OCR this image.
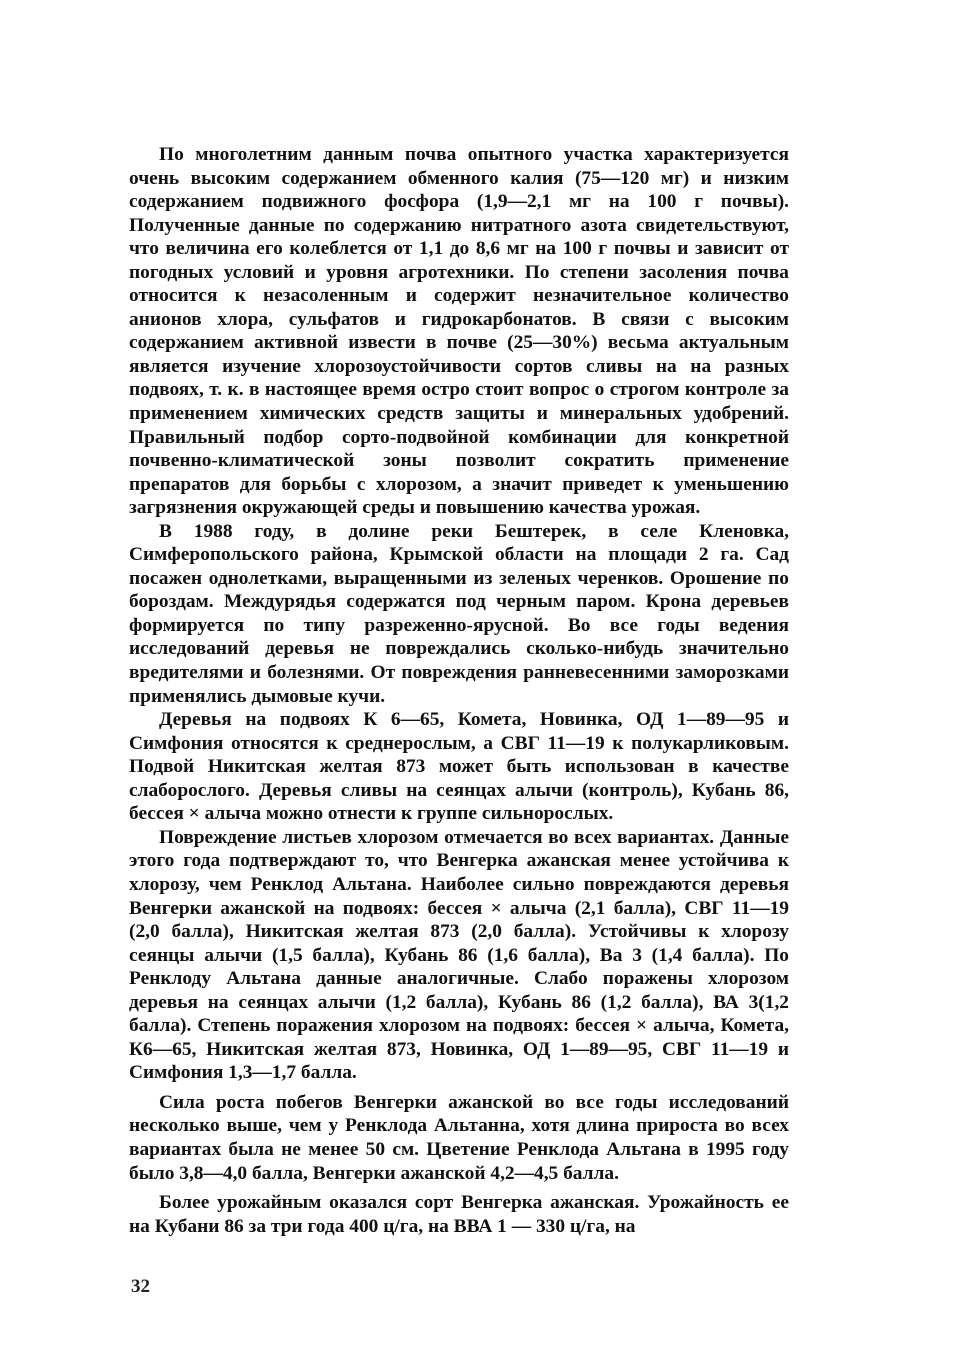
По многолетним данным почва опытного участка характеризуется очень высоким содержанием обменного калия (75—120 мг) и низким содержанием подвижного фосфора (1,9—2,1 мг на 100 г почвы). Полученные данные по содержанию нитратного азота свидетельствуют, что величина его колеблется от 1,1 до 8,6 мг на 100 г почвы и зависит от погодных условий и уровня агротехники. По степени засоления почва относится к незасоленным и содержит незначительное количество анионов хлора, сульфатов и гидрокарбонатов. В связи с высоким содержанием активной извести в почве (25—30%) весьма актуальным является изучение хлорозоустойчивости сортов сливы на на разных подвоях, т. к. в настоящее время остро стоит вопрос о строгом контроле за применением химических средств защиты и минеральных удобрений. Правильный подбор сорто-подвойной комбинации для конкретной почвенно-климатической зоны позволит сократить применение препаратов для борьбы с хлорозом, а значит приведет к уменьшению загрязнения окружающей среды и повышению качества урожая.

В 1988 году, в долине реки Бештерек, в селе Кленовка, Симферопольского района, Крымской области на площади 2 га. Сад посажен однолетками, выращенными из зеленых черенков. Орошение по бороздам. Междурядья содержатся под черным паром. Крона деревьев формируется по типу разреженно-ярусной. Во все годы ведения исследований деревья не повреждались сколько-нибудь значительно вредителями и болезнями. От повреждения ранневесенними заморозками применялись дымовые кучи.

Деревья на подвоях К 6—65, Комета, Новинка, ОД 1—89—95 и Симфония относятся к среднерослым, а СВГ 11—19 к полукарликовым. Подвой Никитская желтая 873 может быть использован в качестве слаборослого. Деревья сливы на сеянцах алычи (контроль), Кубань 86, бессея × алыча можно отнести к группе сильнорослых.

Повреждение листьев хлорозом отмечается во всех вариантах. Данные этого года подтверждают то, что Венгерка ажанская менее устойчива к хлорозу, чем Ренклод Альтана. Наиболее сильно повреждаются деревья Венгерки ажанской на подвоях: бессея × алыча (2,1 балла), СВГ 11—19 (2,0 балла), Никитская желтая 873 (2,0 балла). Устойчивы к хлорозу сеянцы алычи (1,5 балла), Кубань 86 (1,6 балла), Ва 3 (1,4 балла). По Ренклоду Альтана данные аналогичные. Слабо поражены хлорозом деревья на сеянцах алычи (1,2 балла), Кубань 86 (1,2 балла), ВА 3(1,2 балла). Степень поражения хлорозом на подвоях: бессея × алыча, Комета, К6—65, Никитская желтая 873, Новинка, ОД 1—89—95, СВГ 11—19 и Симфония 1,3—1,7 балла.

Сила роста побегов Венгерки ажанской во все годы исследований несколько выше, чем у Ренклода Альтанна, хотя длина прироста во всех вариантах была не менее 50 см. Цветение Ренклода Альтана в 1995 году было 3,8—4,0 балла, Венгерки ажанской 4,2—4,5 балла.

Более урожайным оказался сорт Венгерка ажанская. Урожайность ее на Кубани 86 за три года 400 ц/га, на ВВА 1 — 330 ц/га, на

32
